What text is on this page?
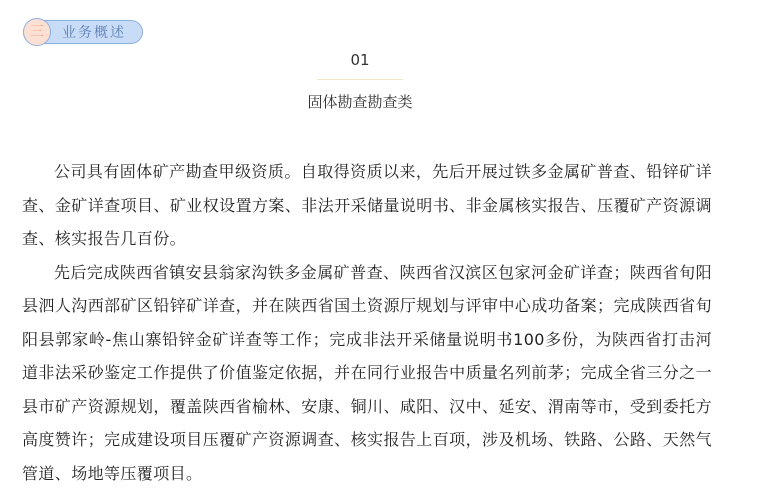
三	业务概述
01
固体勘查勘查类

公司具有固体矿产勘查甲级资质。自取得资质以来，先后开展过铁多金属矿普查、铅锌矿详查、金矿详查项目、矿业权设置方案、非法开采储量说明书、非金属核实报告、压覆矿产资源调查、核实报告几百份。

先后完成陕西省镇安县翁家沟铁多金属矿普查、陕西省汉滨区包家河金矿详查；陕西省旬阳县泗人沟西部矿区铅锌矿详查，并在陕西省国土资源厅规划与评审中心成功备案；完成陕西省旬阳县郭家岭-焦山寨铅锌金矿详查等工作；完成非法开采储量说明书100多份，为陕西省打击河道非法采砂鉴定工作提供了价值鉴定依据，并在同行业报告中质量名列前茅；完成全省三分之一县市矿产资源规划，覆盖陕西省榆林、安康、铜川、咸阳、汉中、延安、渭南等市，受到委托方高度赞许；完成建设项目压覆矿产资源调查、核实报告上百项，涉及机场、铁路、公路、天然气管道、场地等压覆项目。
